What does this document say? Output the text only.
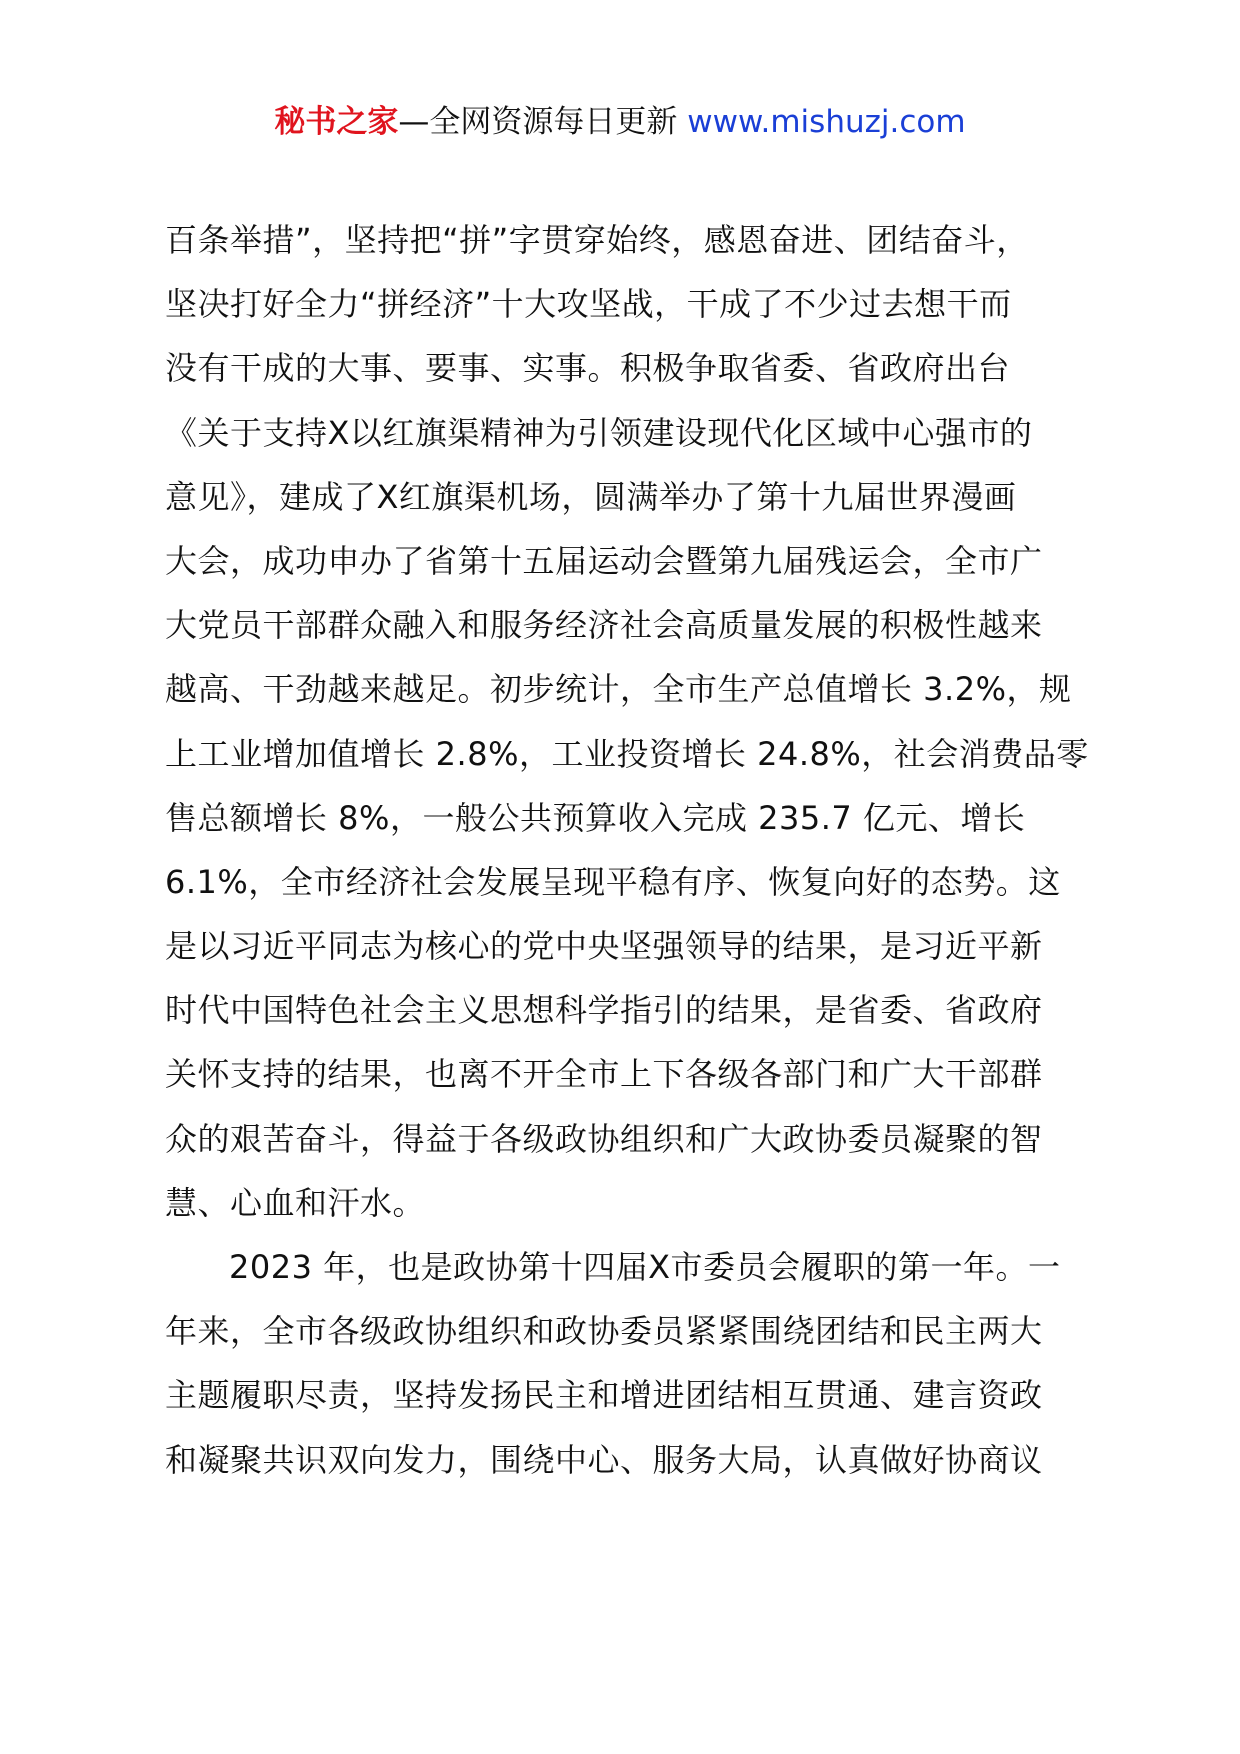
秘书之家—全网资源每日更新 www.mishuzj.com
百条举措”，坚持把“拼”字贯穿始终，感恩奋进、团结奋斗，
坚决打好全力“拼经济”十大攻坚战，干成了不少过去想干而
没有干成的大事、要事、实事。积极争取省委、省政府出台
《关于支持X以红旗渠精神为引领建设现代化区域中心强市的
意见》，建成了X红旗渠机场，圆满举办了第十九届世界漫画
大会，成功申办了省第十五届运动会暨第九届残运会，全市广
大党员干部群众融入和服务经济社会高质量发展的积极性越来
越高、干劲越来越足。初步统计，全市生产总值增长 3.2%，规
上工业增加值增长 2.8%，工业投资增长 24.8%，社会消费品零
售总额增长 8%，一般公共预算收入完成 235.7 亿元、增长
6.1%，全市经济社会发展呈现平稳有序、恢复向好的态势。这
是以习近平同志为核心的党中央坚强领导的结果，是习近平新
时代中国特色社会主义思想科学指引的结果，是省委、省政府
关怀支持的结果，也离不开全市上下各级各部门和广大干部群
众的艰苦奋斗，得益于各级政协组织和广大政协委员凝聚的智
慧、心血和汗水。
2023 年，也是政协第十四届X市委员会履职的第一年。一
年来，全市各级政协组织和政协委员紧紧围绕团结和民主两大
主题履职尽责，坚持发扬民主和增进团结相互贯通、建言资政
和凝聚共识双向发力，围绕中心、服务大局，认真做好协商议
